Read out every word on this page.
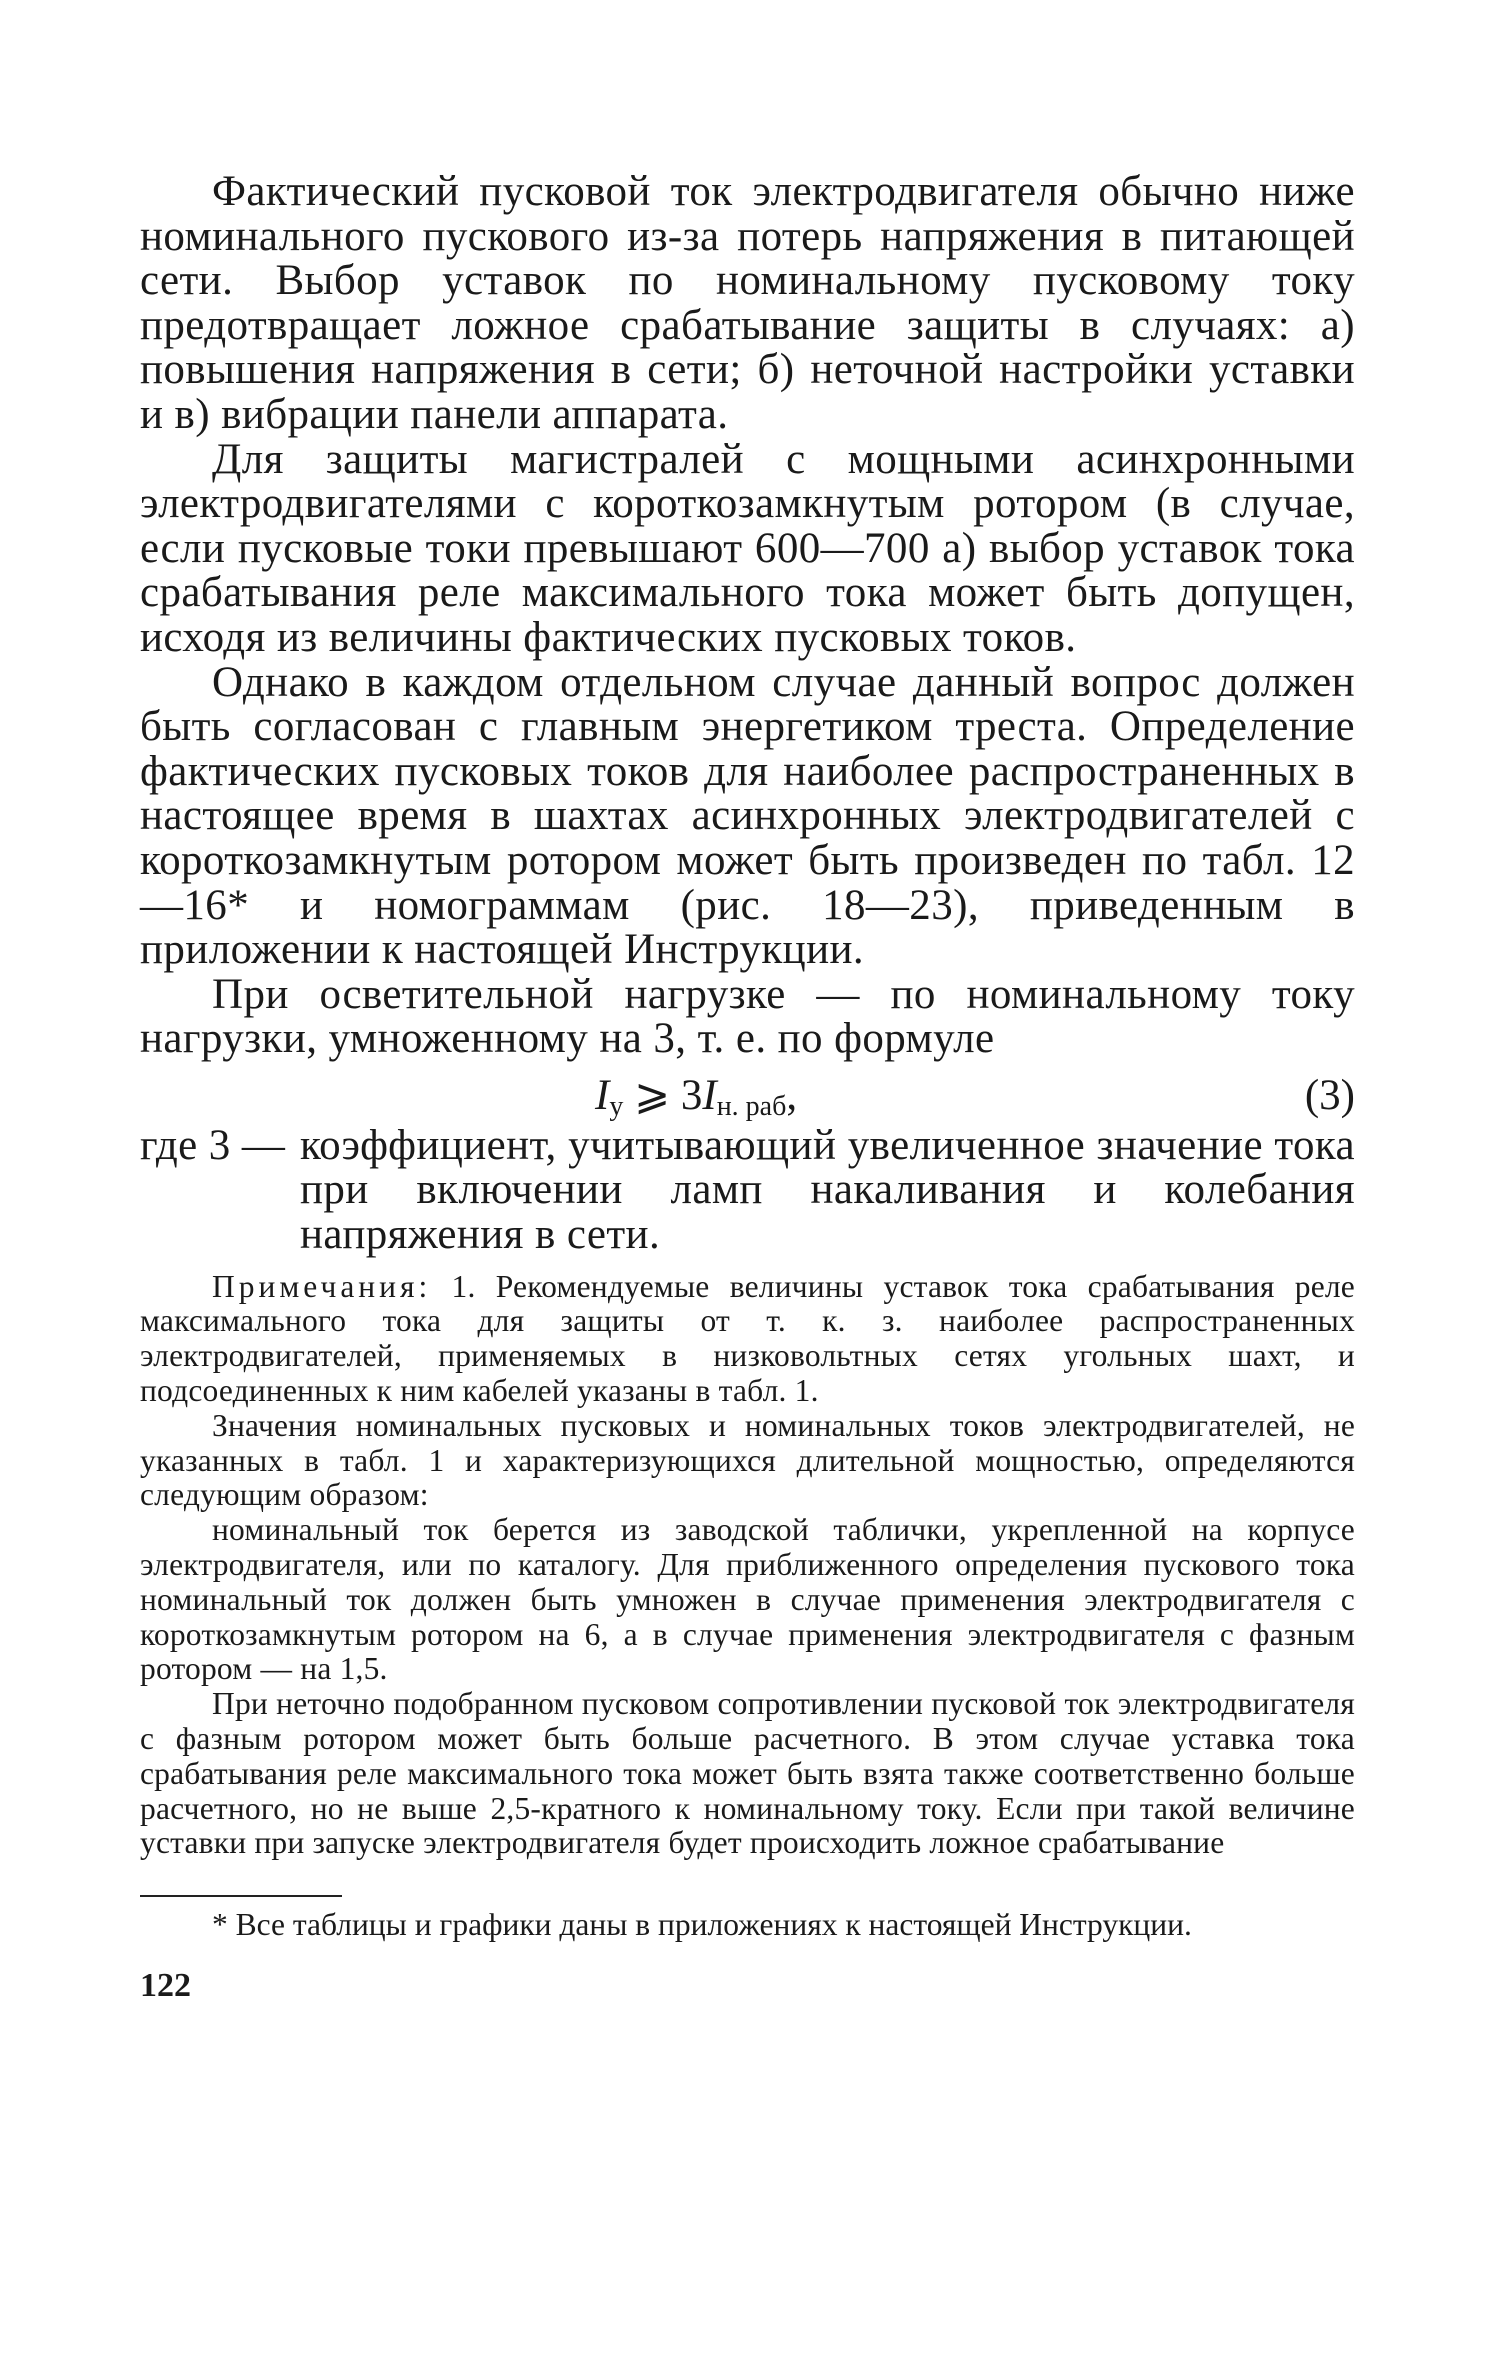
Фактический пусковой ток электродвигателя обычно ниже номинального пускового из-за потерь напряжения в питающей сети. Выбор уставок по номинальному пусковому току предотвращает ложное срабатывание защиты в случаях: а) повышения напряжения в сети; б) неточной настройки уставки и в) вибрации панели аппарата.

Для защиты магистралей с мощными асинхронными электродвигателями с короткозамкнутым ротором (в случае, если пусковые токи превышают 600—700 а) выбор уставок тока срабатывания реле максимального тока может быть допущен, исходя из величины фактических пусковых токов.

Однако в каждом отдельном случае данный вопрос должен быть согласован с главным энергетиком треста. Определение фактических пусковых токов для наиболее распространенных в настоящее время в шахтах асинхронных электродвигателей с короткозамкнутым ротором может быть произведен по табл. 12—16* и номограммам (рис. 18—23), приведенным в приложении к настоящей Инструкции.

При осветительной нагрузке — по номинальному току нагрузки, умноженному на 3, т. е. по формуле

$I_у$ ⩾ $3I_{н. раб}$,	(3)
где 3 — коэффициент, учитывающий увеличенное значение тока при включении ламп накаливания и колебания напряжения в сети.

Примечания: 1. Рекомендуемые величины уставок тока срабатывания реле максимального тока для защиты от т. к. з. наиболее распространенных электродвигателей, применяемых в низковольтных сетях угольных шахт, и подсоединенных к ним кабелей указаны в табл. 1.

Значения номинальных пусковых и номинальных токов электродвигателей, не указанных в табл. 1 и характеризующихся длительной мощностью, определяются следующим образом:

номинальный ток берется из заводской таблички, укрепленной на корпусе электродвигателя, или по каталогу. Для приближенного определения пускового тока номинальный ток должен быть умножен в случае применения электродвигателя с короткозамкнутым ротором на 6, а в случае применения электродвигателя с фазным ротором — на 1,5.

При неточно подобранном пусковом сопротивлении пусковой ток электродвигателя с фазным ротором может быть больше расчетного. В этом случае уставка тока срабатывания реле максимального тока может быть взята также соответственно больше расчетного, но не выше 2,5-кратного к номинальному току. Если при такой величине уставки при запуске электродвигателя будет происходить ложное срабатывание

* Все таблицы и графики даны в приложениях к настоящей Инструкции.

122
